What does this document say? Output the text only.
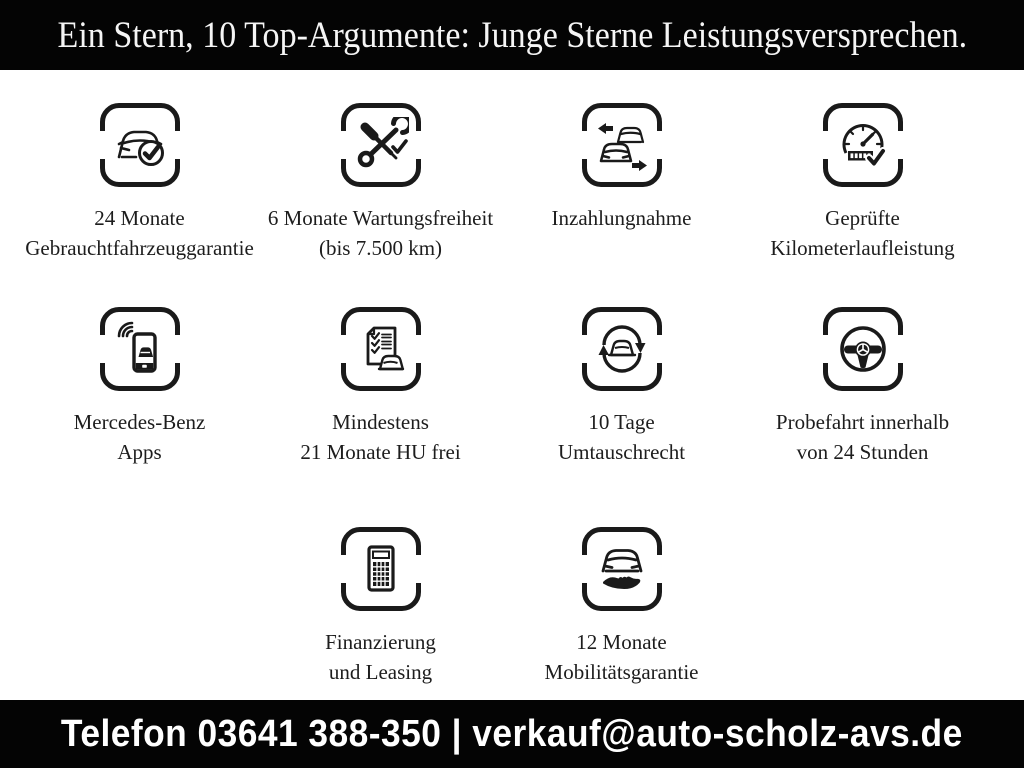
Ein Stern, 10 Top-Argumente: Junge Sterne Leistungsversprechen.
24 Monate
Gebrauchtfahrzeuggarantie
6 Monate Wartungsfreiheit
(bis 7.500 km)
Inzahlungnahme	Geprüfte
Kilometerlaufleistung
Mercedes-Benz
Apps
Mindestens
21 Monate HU frei
10 Tage
Umtauschrecht
Probefahrt innerhalb
von 24 Stunden
Finanzierung
und Leasing
12 Monate
Mobilitätsgarantie
Telefon 03641 388-350 | verkauf@auto-scholz-avs.de
